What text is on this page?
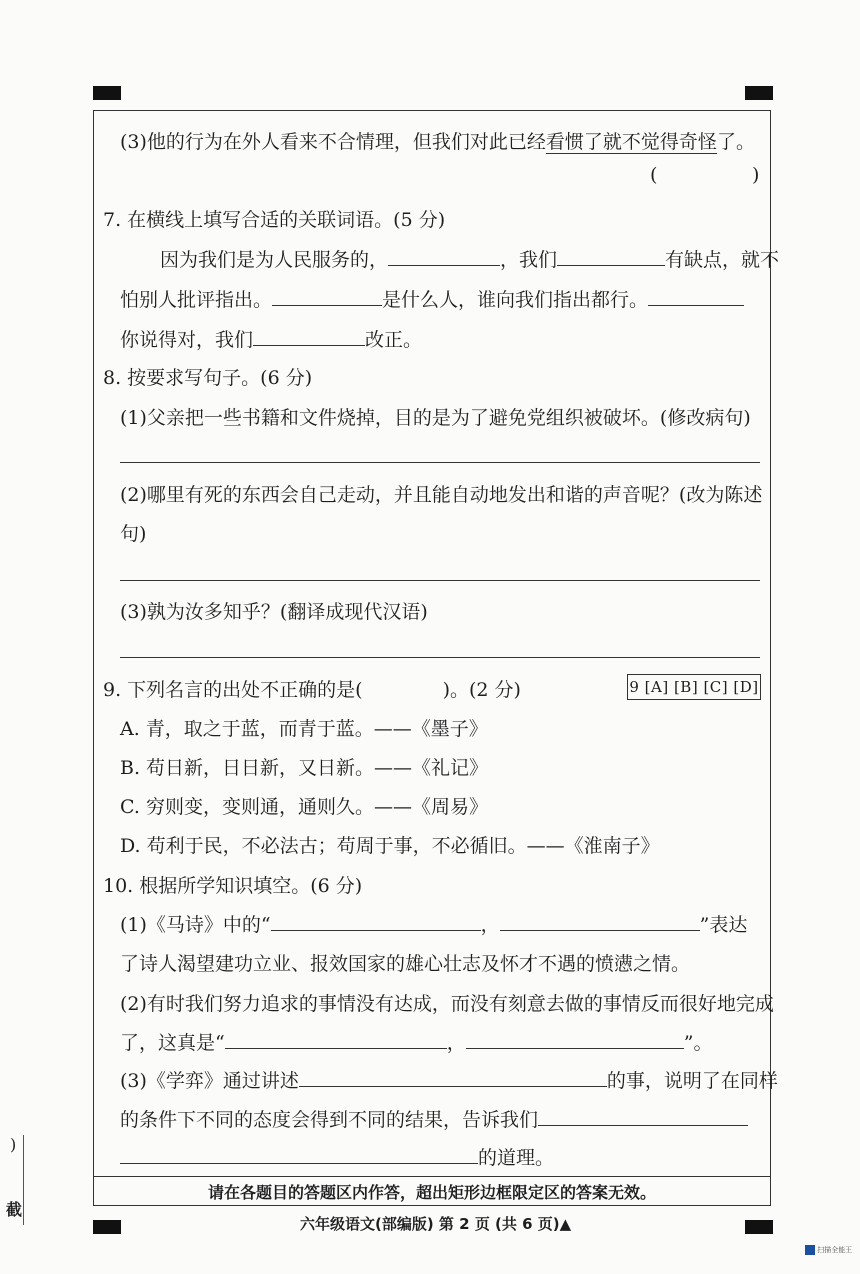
(3)他的行为在外人看来不合情理，但我们对此已经看惯了就不觉得奇怪了。
(	)
7. 在横线上填写合适的关联词语。(5 分)
因为我们是为人民服务的，	，我们	有缺点，就不
怕别人批评指出。	是什么人，谁向我们指出都行。
你说得对，我们	改正。
8. 按要求写句子。(6 分)
(1)父亲把一些书籍和文件烧掉，目的是为了避免党组织被破坏。(修改病句)
(2)哪里有死的东西会自己走动，并且能自动地发出和谐的声音呢？(改为陈述
句)
(3)孰为汝多知乎？(翻译成现代汉语)
9. 下列名言的出处不正确的是(	)。(2 分)	9 [A] [B] [C] [D]
A. 青，取之于蓝，而青于蓝。——《墨子》
B. 苟日新，日日新，又日新。——《礼记》
C. 穷则变，变则通，通则久。——《周易》
D. 苟利于民，不必法古；苟周于事，不必循旧。——《淮南子》
10. 根据所学知识填空。(6 分)
(1)《马诗》中的“	，	”表达
了诗人渴望建功立业、报效国家的雄心壮志及怀才不遇的愤懑之情。
(2)有时我们努力追求的事情没有达成，而没有刻意去做的事情反而很好地完成
了，这真是“	，	”。
(3)《学弈》通过讲述	的事，说明了在同样
的条件下不同的态度会得到不同的结果，告诉我们
的道理。
请在各题目的答题区内作答，超出矩形边框限定区的答案无效。
六年级语文(部编版) 第 2 页 (共 6 页)▲
)
截
扫描全能王
